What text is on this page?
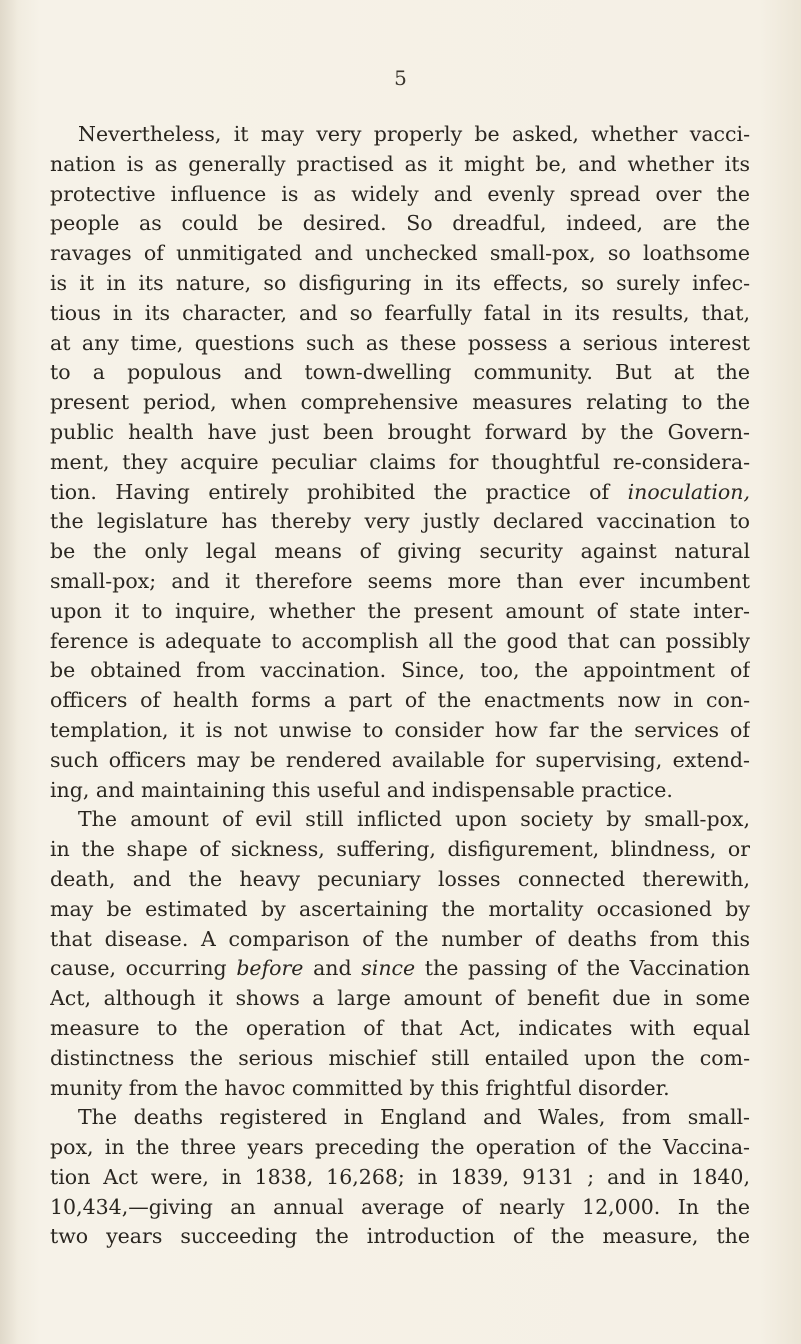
5
Nevertheless, it may very properly be asked, whether vacci-
nation is as generally practised as it might be, and whether its
protective influence is as widely and evenly spread over the
people as could be desired. So dreadful, indeed, are the
ravages of unmitigated and unchecked small-pox, so loathsome
is it in its nature, so disfiguring in its effects, so surely infec-
tious in its character, and so fearfully fatal in its results, that,
at any time, questions such as these possess a serious interest
to a populous and town-dwelling community. But at the
present period, when comprehensive measures relating to the
public health have just been brought forward by the Govern-
ment, they acquire peculiar claims for thoughtful re-considera-
tion. Having entirely prohibited the practice of inoculation,
the legislature has thereby very justly declared vaccination to
be the only legal means of giving security against natural
small-pox; and it therefore seems more than ever incumbent
upon it to inquire, whether the present amount of state inter-
ference is adequate to accomplish all the good that can possibly
be obtained from vaccination. Since, too, the appointment of
officers of health forms a part of the enactments now in con-
templation, it is not unwise to consider how far the services of
such officers may be rendered available for supervising, extend-
ing, and maintaining this useful and indispensable practice.
The amount of evil still inflicted upon society by small-pox,
in the shape of sickness, suffering, disfigurement, blindness, or
death, and the heavy pecuniary losses connected therewith,
may be estimated by ascertaining the mortality occasioned by
that disease. A comparison of the number of deaths from this
cause, occurring before and since the passing of the Vaccination
Act, although it shows a large amount of benefit due in some
measure to the operation of that Act, indicates with equal
distinctness the serious mischief still entailed upon the com-
munity from the havoc committed by this frightful disorder.
The deaths registered in England and Wales, from small-
pox, in the three years preceding the operation of the Vaccina-
tion Act were, in 1838, 16,268; in 1839, 9131 ; and in 1840,
10,434,—giving an annual average of nearly 12,000. In the
two years succeeding the introduction of the measure, the
